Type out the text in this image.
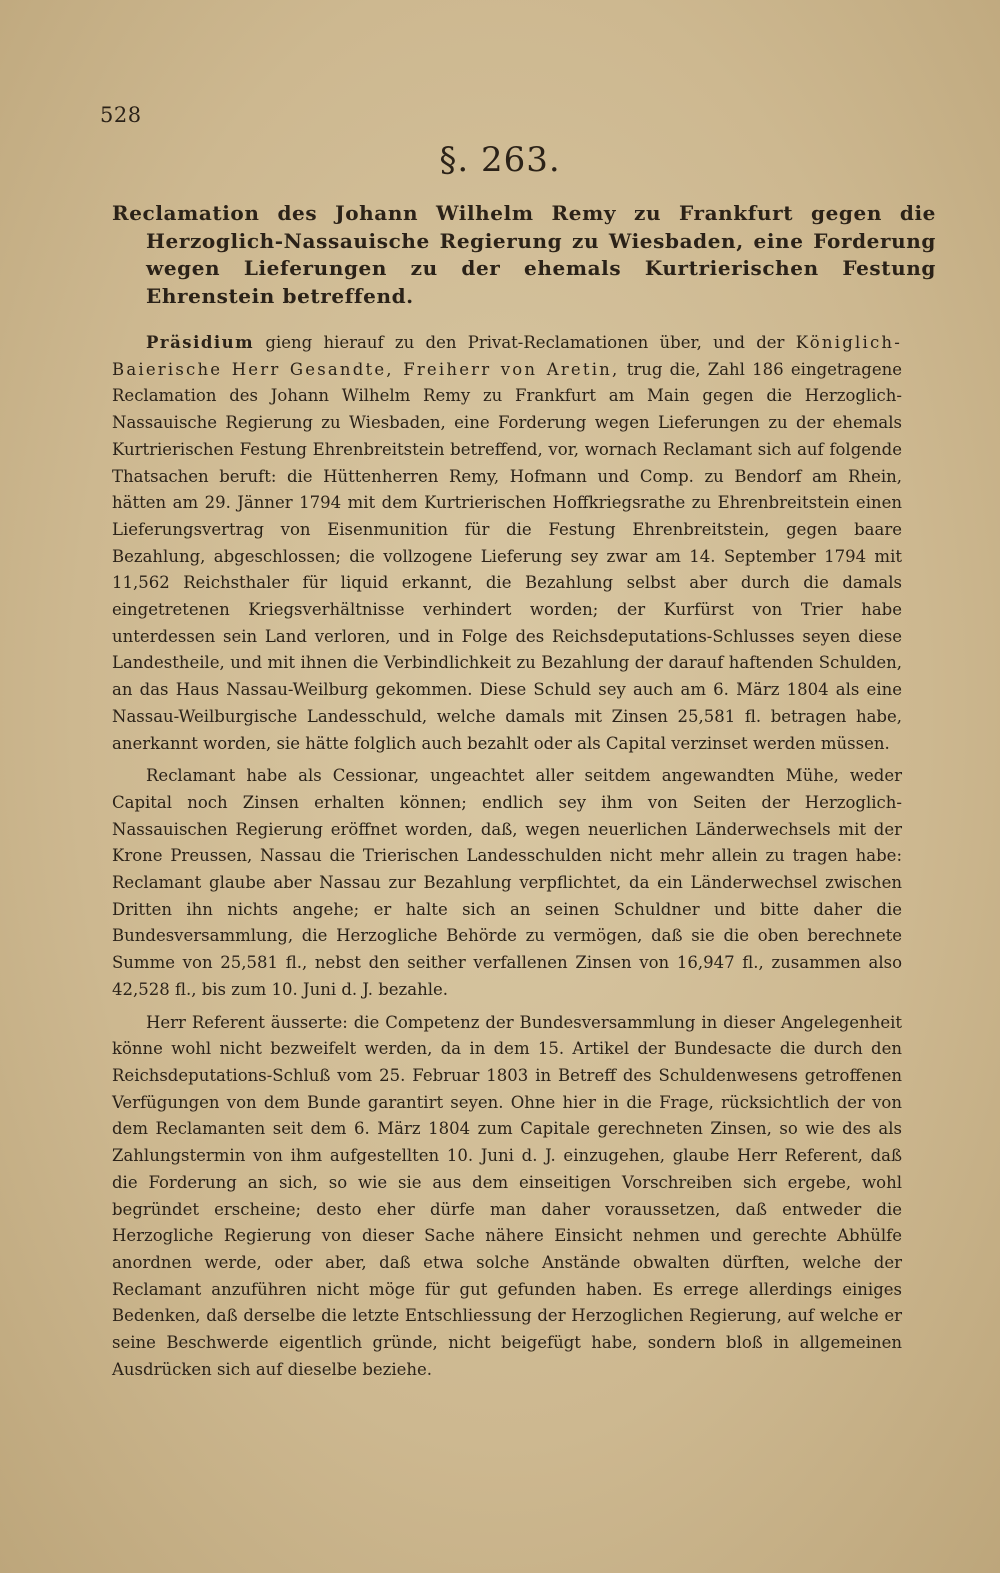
528
§. 263.
Reclamation des Johann Wilhelm Remy zu Frankfurt gegen die Herzoglich-Nassauische Regierung zu Wiesbaden, eine Forderung wegen Lieferungen zu der ehemals Kurtrierischen Festung Ehrenstein betreffend.

Präsidium gieng hierauf zu den Privat-Reclamationen über, und der Königlich-Baierische Herr Gesandte, Freiherr von Aretin, trug die, Zahl 186 eingetragene Reclamation des Johann Wilhelm Remy zu Frankfurt am Main gegen die Herzoglich-Nassauische Regierung zu Wiesbaden, eine Forderung wegen Lieferungen zu der ehemals Kurtrierischen Festung Ehrenbreitstein betreffend, vor, wornach Reclamant sich auf folgende Thatsachen beruft: die Hüttenherren Remy, Hofmann und Comp. zu Bendorf am Rhein, hätten am 29. Jänner 1794 mit dem Kurtrierischen Hoffkriegsrathe zu Ehrenbreitstein einen Lieferungsvertrag von Eisenmunition für die Festung Ehrenbreitstein, gegen baare Bezahlung, abgeschlossen; die vollzogene Lieferung sey zwar am 14. September 1794 mit 11,562 Reichsthaler für liquid erkannt, die Bezahlung selbst aber durch die damals eingetretenen Kriegsverhältnisse verhindert worden; der Kurfürst von Trier habe unterdessen sein Land verloren, und in Folge des Reichsdeputations-Schlusses seyen diese Landestheile, und mit ihnen die Verbindlichkeit zu Bezahlung der darauf haftenden Schulden, an das Haus Nassau-Weilburg gekommen. Diese Schuld sey auch am 6. März 1804 als eine Nassau-Weilburgische Landesschuld, welche damals mit Zinsen 25,581 fl. betragen habe, anerkannt worden, sie hätte folglich auch bezahlt oder als Capital verzinset werden müssen.

Reclamant habe als Cessionar, ungeachtet aller seitdem angewandten Mühe, weder Capital noch Zinsen erhalten können; endlich sey ihm von Seiten der Herzoglich-Nassauischen Regierung eröffnet worden, daß, wegen neuerlichen Länderwechsels mit der Krone Preussen, Nassau die Trierischen Landesschulden nicht mehr allein zu tragen habe: Reclamant glaube aber Nassau zur Bezahlung verpflichtet, da ein Länderwechsel zwischen Dritten ihn nichts angehe; er halte sich an seinen Schuldner und bitte daher die Bundesversammlung, die Herzogliche Behörde zu vermögen, daß sie die oben berechnete Summe von 25,581 fl., nebst den seither verfallenen Zinsen von 16,947 fl., zusammen also 42,528 fl., bis zum 10. Juni d. J. bezahle.

Herr Referent äusserte: die Competenz der Bundesversammlung in dieser Angelegenheit könne wohl nicht bezweifelt werden, da in dem 15. Artikel der Bundesacte die durch den Reichsdeputations-Schluß vom 25. Februar 1803 in Betreff des Schuldenwesens getroffenen Verfügungen von dem Bunde garantirt seyen. Ohne hier in die Frage, rücksichtlich der von dem Reclamanten seit dem 6. März 1804 zum Capitale gerechneten Zinsen, so wie des als Zahlungstermin von ihm aufgestellten 10. Juni d. J. einzugehen, glaube Herr Referent, daß die Forderung an sich, so wie sie aus dem einseitigen Vorschreiben sich ergebe, wohl begründet erscheine; desto eher dürfe man daher voraussetzen, daß entweder die Herzogliche Regierung von dieser Sache nähere Einsicht nehmen und gerechte Abhülfe anordnen werde, oder aber, daß etwa solche Anstände obwalten dürften, welche der Reclamant anzuführen nicht möge für gut gefunden haben. Es errege allerdings einiges Bedenken, daß derselbe die letzte Entschliessung der Herzoglichen Regierung, auf welche er seine Beschwerde eigentlich gründe, nicht beigefügt habe, sondern bloß in allgemeinen Ausdrücken sich auf dieselbe beziehe.
